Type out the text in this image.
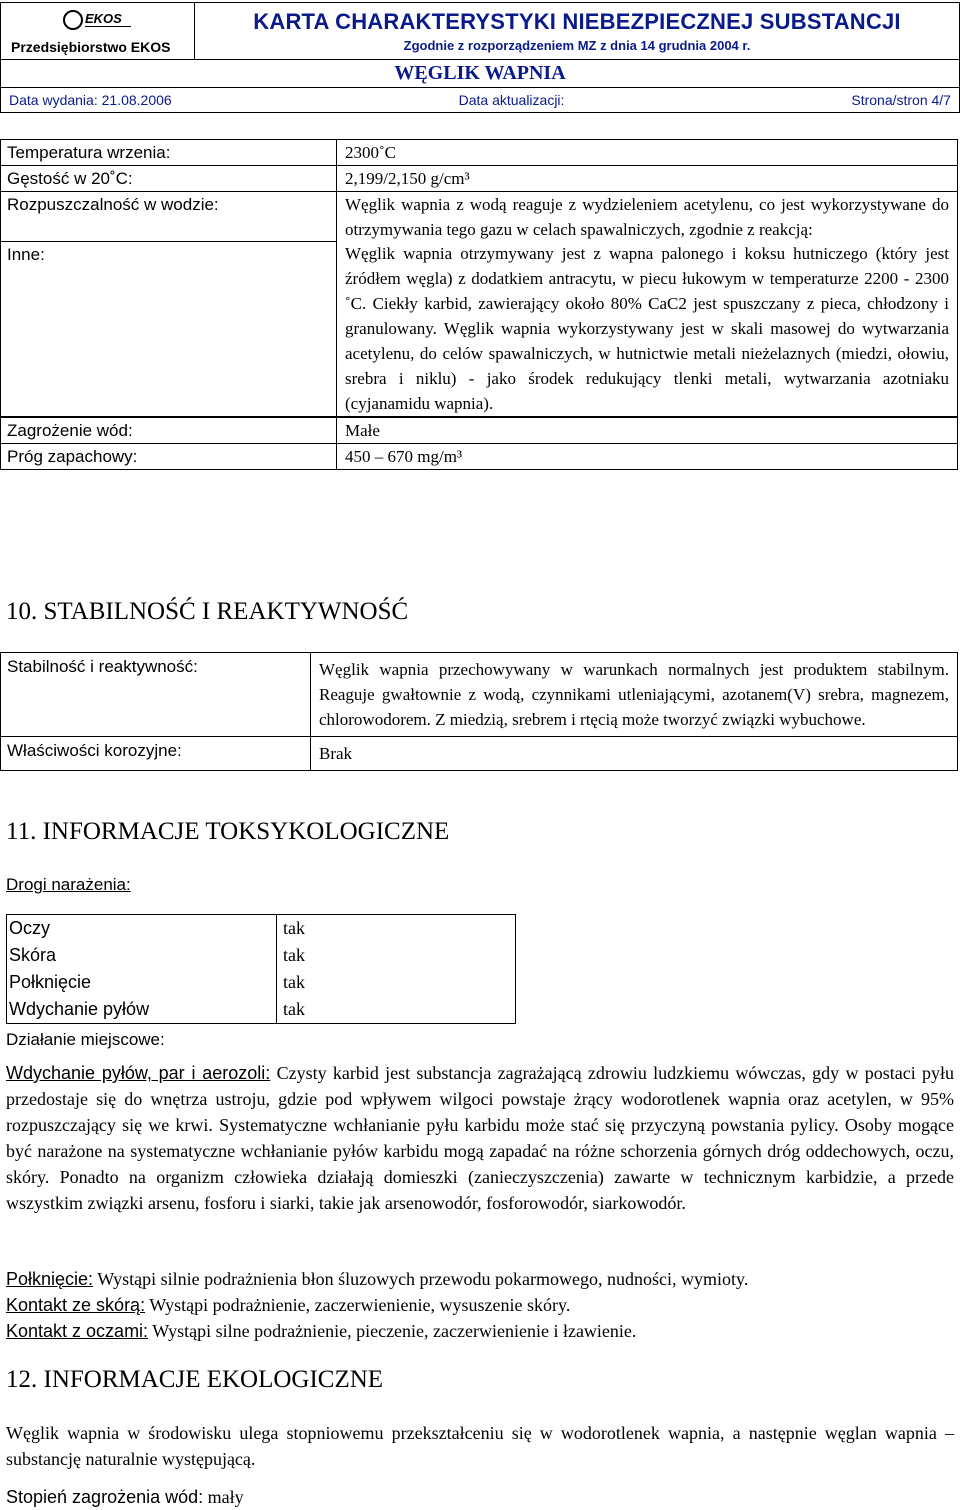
EKOS
Przedsiębiorstwo EKOS
KARTA CHARAKTERYSTYKI NIEBEZPIECZNEJ SUBSTANCJI
Zgodnie z rozporządzeniem MZ z dnia 14 grudnia 2004 r.
WĘGLIK WAPNIA
Data wydania: 21.08.2006	Data aktualizacji:	Strona/stron 4/7
Temperatura wrzenia:	2300˚C
Gęstość w 20˚C:	2,199/2,150 g/cm³
Rozpuszczalność w wodzie:	Węglik wapnia z wodą reaguje z wydzieleniem acetylenu, co jest wykorzystywane do otrzymywania tego gazu w celach spawalniczych, zgodnie z reakcją:
Inne:	Węglik wapnia otrzymywany jest z wapna palonego i koksu hutniczego (który jest źródłem węgla) z dodatkiem antracytu, w piecu łukowym w temperaturze 2200 - 2300 ˚C. Ciekły karbid, zawierający około 80% CaC2 jest spuszczany z pieca, chłodzony i granulowany. Węglik wapnia wykorzystywany jest w skali masowej do wytwarzania acetylenu, do celów spawalniczych, w hutnictwie metali nieżelaznych (miedzi, ołowiu, srebra i niklu) - jako środek redukujący tlenki metali, wytwarzania azotniaku (cyjanamidu wapnia).
Zagrożenie wód:	Małe
Próg zapachowy:	450 – 670 mg/m³
10. STABILNOŚĆ I REAKTYWNOŚĆ
Stabilność i reaktywność:	Węglik wapnia przechowywany w warunkach normalnych jest produktem stabilnym. Reaguje gwałtownie z wodą, czynnikami utleniającymi, azotanem(V) srebra, magnezem, chlorowodorem. Z miedzią, srebrem i rtęcią może tworzyć związki wybuchowe.
Właściwości korozyjne:	Brak
11. INFORMACJE TOKSYKOLOGICZNE
Drogi narażenia:
Oczy	tak
Skóra	tak
Połknięcie	tak
Wdychanie pyłów	tak
Działanie miejscowe:
Wdychanie pyłów, par i aerozoli: Czysty karbid jest substancja zagrażającą zdrowiu ludzkiemu wówczas, gdy w postaci pyłu przedostaje się do wnętrza ustroju, gdzie pod wpływem wilgoci powstaje żrący wodorotlenek wapnia oraz acetylen, w 95% rozpuszczający się we krwi. Systematyczne wchłanianie pyłu karbidu może stać się przyczyną powstania pylicy. Osoby mogące być narażone na systematyczne wchłanianie pyłów karbidu mogą zapadać na różne schorzenia górnych dróg oddechowych, oczu, skóry. Ponadto na organizm człowieka działają domieszki (zanieczyszczenia) zawarte w technicznym karbidzie, a przede wszystkim związki arsenu, fosforu i siarki, takie jak arsenowodór, fosforowodór, siarkowodór.
Połknięcie: Wystąpi silnie podrażnienia błon śluzowych przewodu pokarmowego, nudności, wymioty.
Kontakt ze skórą: Wystąpi podrażnienie, zaczerwienienie, wysuszenie skóry.
Kontakt z oczami: Wystąpi silne podrażnienie, pieczenie, zaczerwienienie i łzawienie.
12. INFORMACJE EKOLOGICZNE
Węglik wapnia w środowisku ulega stopniowemu przekształceniu się w wodorotlenek wapnia, a następnie węglan wapnia – substancję naturalnie występującą.
Stopień zagrożenia wód: mały
